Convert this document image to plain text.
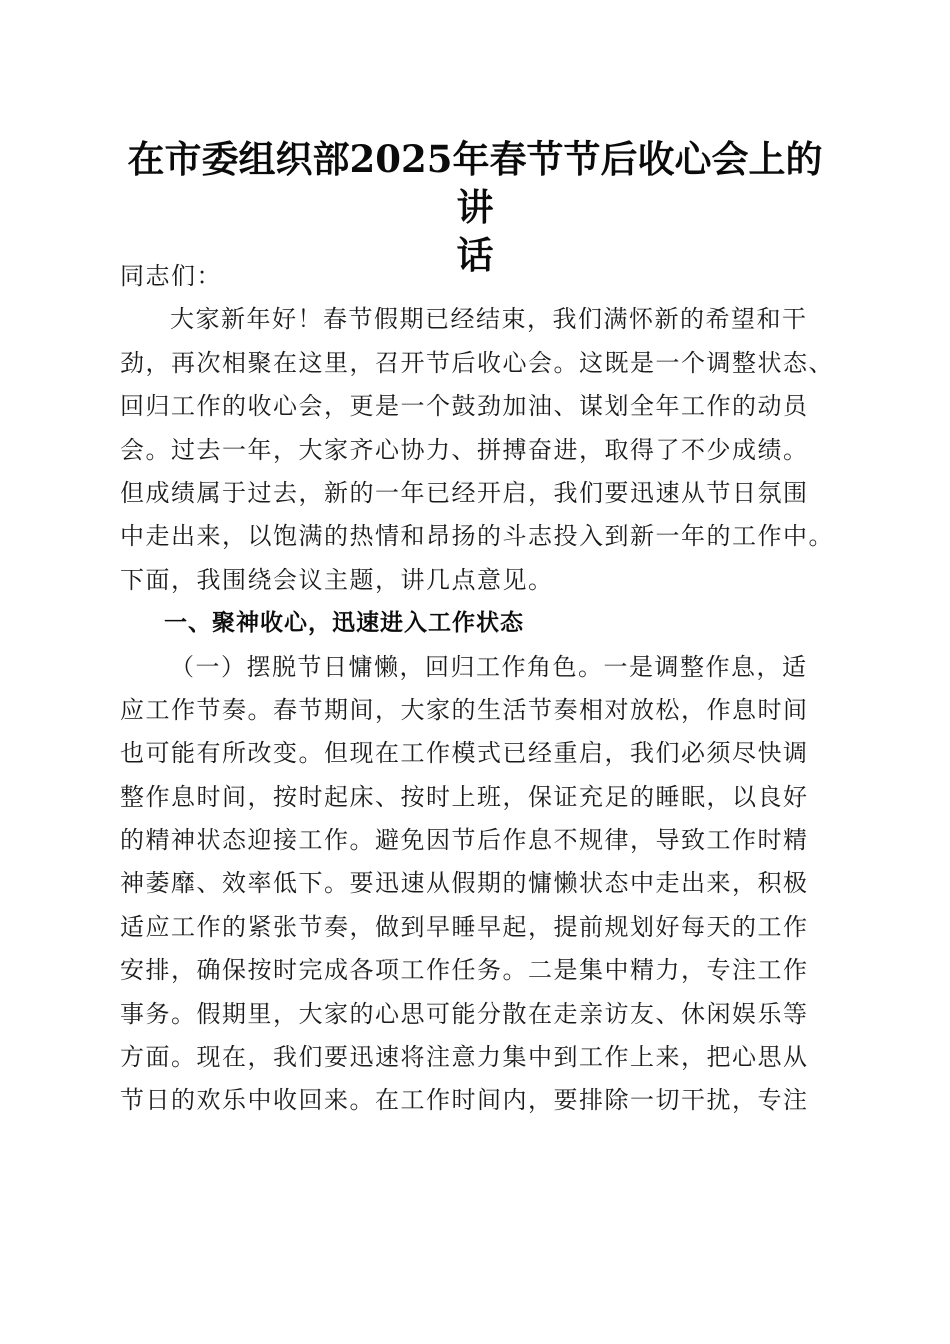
在市委组织部2025年春节节后收心会上的讲
话
同志们：
大家新年好！春节假期已经结束，我们满怀新的希望和干
劲，再次相聚在这里，召开节后收心会。这既是一个调整状态、
回归工作的收心会，更是一个鼓劲加油、谋划全年工作的动员
会。过去一年，大家齐心协力、拼搏奋进，取得了不少成绩。
但成绩属于过去，新的一年已经开启，我们要迅速从节日氛围
中走出来，以饱满的热情和昂扬的斗志投入到新一年的工作中。
下面，我围绕会议主题，讲几点意见。
一、聚神收心，迅速进入工作状态
（一）摆脱节日慵懒，回归工作角色。一是调整作息，适
应工作节奏。春节期间，大家的生活节奏相对放松，作息时间
也可能有所改变。但现在工作模式已经重启，我们必须尽快调
整作息时间，按时起床、按时上班，保证充足的睡眠，以良好
的精神状态迎接工作。避免因节后作息不规律，导致工作时精
神萎靡、效率低下。要迅速从假期的慵懒状态中走出来，积极
适应工作的紧张节奏，做到早睡早起，提前规划好每天的工作
安排，确保按时完成各项工作任务。二是集中精力，专注工作
事务。假期里，大家的心思可能分散在走亲访友、休闲娱乐等
方面。现在，我们要迅速将注意力集中到工作上来，把心思从
节日的欢乐中收回来。在工作时间内，要排除一切干扰，专注
